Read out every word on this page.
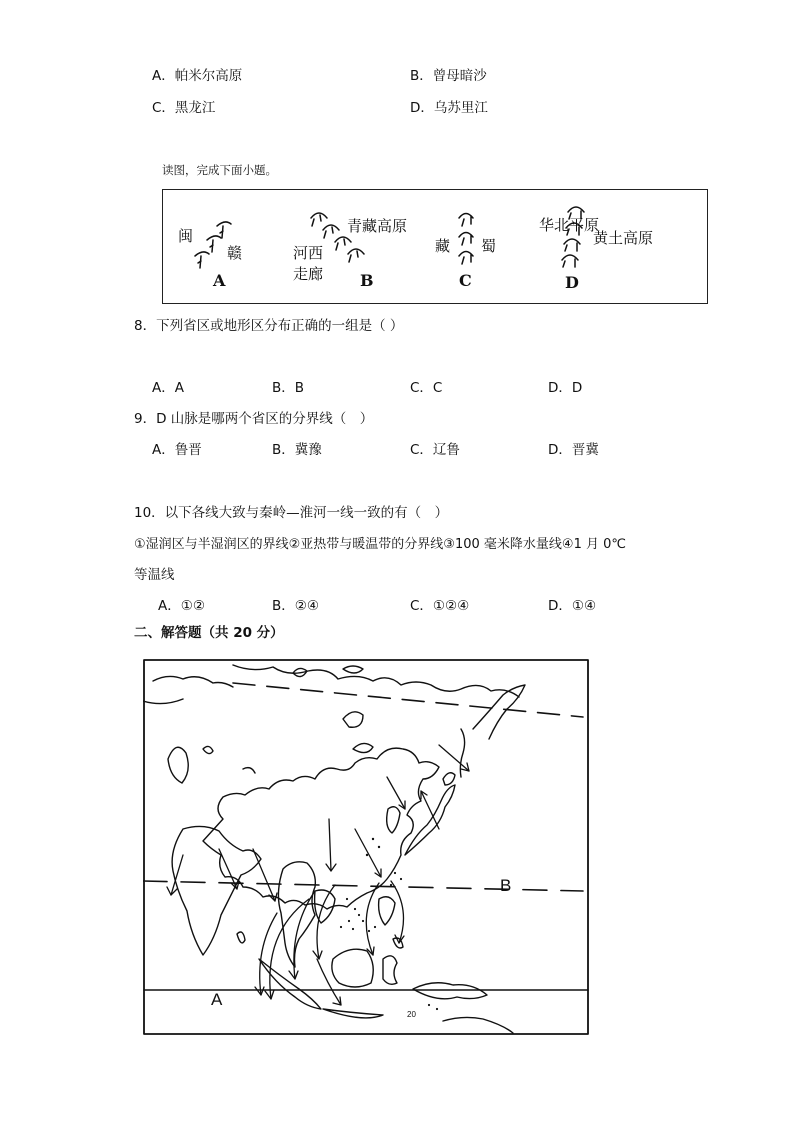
A．帕米尔高原	B．曾母暗沙
C．黑龙江	D．乌苏里江
读图，完成下面小题。
闽
赣
A
青藏高原
河西
走廊 B
藏 蜀
C
华北平原
黄土高原
D
8．下列省区或地形区分布正确的一组是（ ）
A．A	B．B	C．C	D．D
9．D 山脉是哪两个省区的分界线（　）
A．鲁晋	B．冀豫	C．辽鲁	D．晋冀
10．以下各线大致与秦岭—淮河一线一致的有（　）
①湿润区与半湿润区的界线②亚热带与暖温带的分界线③100 毫米降水量线④1 月 0℃
等温线
A．①②	B．②④	C．①②④	D．①④
二、解答题（共 20 分）
A
B
20
